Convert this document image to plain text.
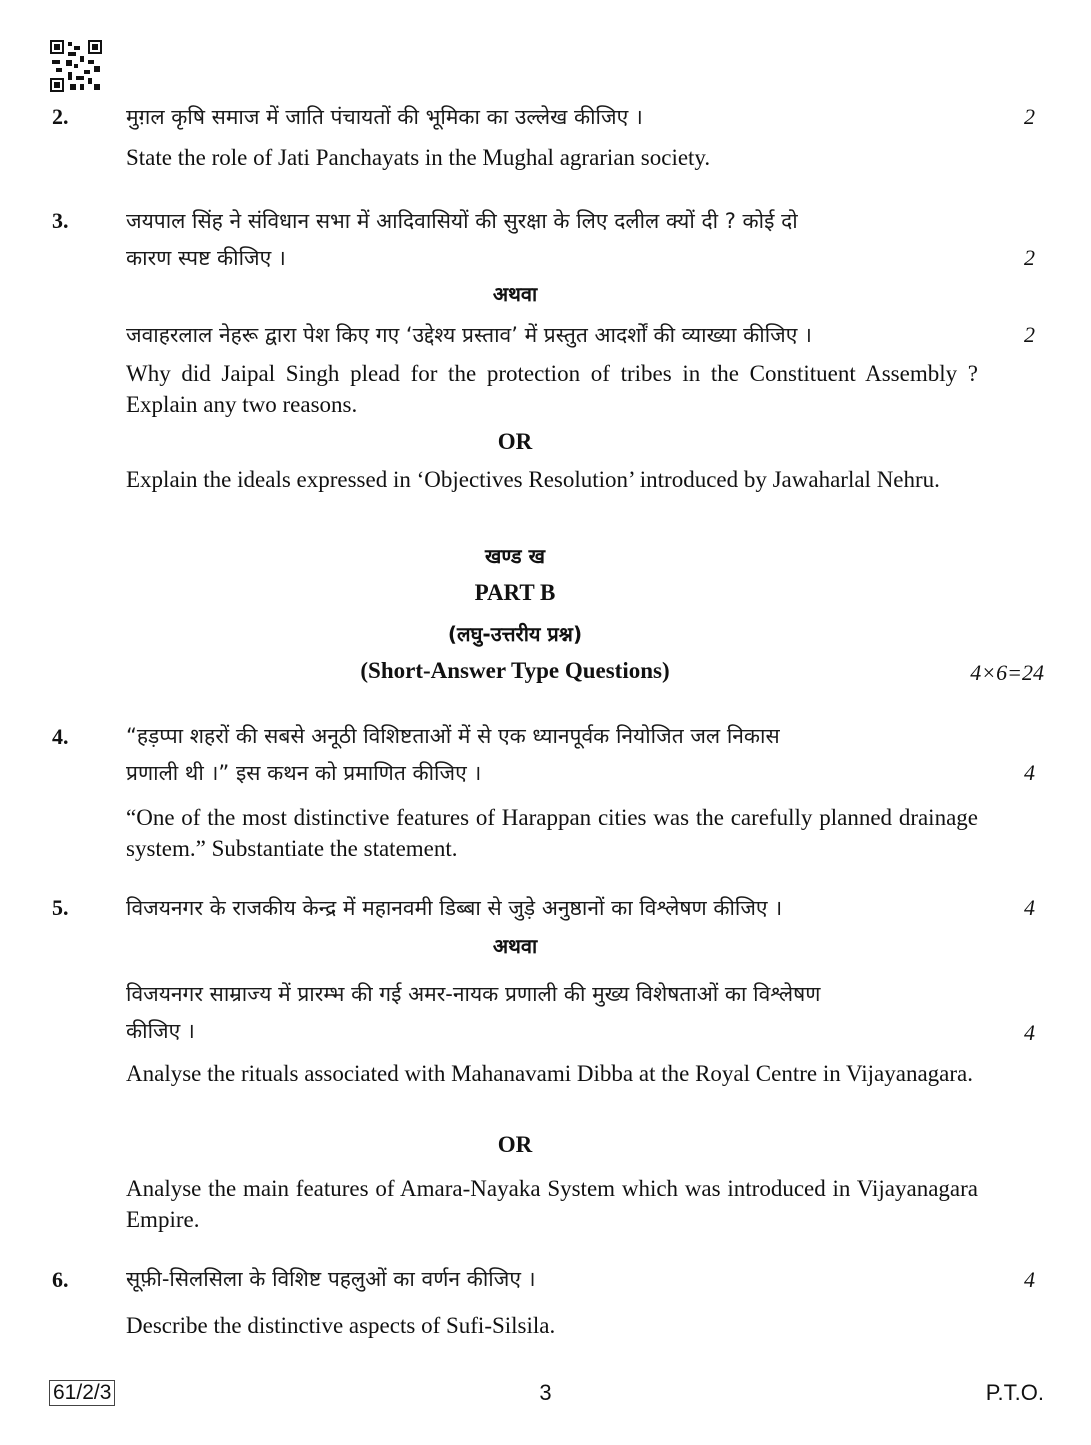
2.	मुग़ल कृषि समाज में जाति पंचायतों की भूमिका का उल्लेख कीजिए ।	2
State the role of Jati Panchayats in the Mughal agrarian society.
3.	जयपाल सिंह ने संविधान सभा में आदिवासियों की सुरक्षा के लिए दलील क्यों दी ? कोई दो
कारण स्पष्ट कीजिए ।	2
अथवा
जवाहरलाल नेहरू द्वारा पेश किए गए ‘उद्देश्य प्रस्ताव’ में प्रस्तुत आदर्शों की व्याख्या कीजिए ।	2
Why did Jaipal Singh plead for the protection of tribes in the Constituent Assembly ? Explain any two reasons.
OR
Explain the ideals expressed in ‘Objectives Resolution’ introduced by Jawaharlal Nehru.
खण्ड ख
PART B
(लघु-उत्तरीय प्रश्न)
(Short-Answer Type Questions)	4×6=24
4.	“हड़प्पा शहरों की सबसे अनूठी विशिष्टताओं में से एक ध्यानपूर्वक नियोजित जल निकास
प्रणाली थी ।” इस कथन को प्रमाणित कीजिए ।	4
“One of the most distinctive features of Harappan cities was the carefully planned drainage system.” Substantiate the statement.
5.	विजयनगर के राजकीय केन्द्र में महानवमी डिब्बा से जुड़े अनुष्ठानों का विश्लेषण कीजिए ।	4
अथवा
विजयनगर साम्राज्य में प्रारम्भ की गई अमर-नायक प्रणाली की मुख्य विशेषताओं का विश्लेषण
कीजिए ।	4
Analyse the rituals associated with Mahanavami Dibba at the Royal Centre in Vijayanagara.
OR
Analyse the main features of Amara-Nayaka System which was introduced in Vijayanagara Empire.
6.	सूफ़ी-सिलसिला के विशिष्ट पहलुओं का वर्णन कीजिए ।	4
Describe the distinctive aspects of Sufi-Silsila.
3
61/2/3	P.T.O.
